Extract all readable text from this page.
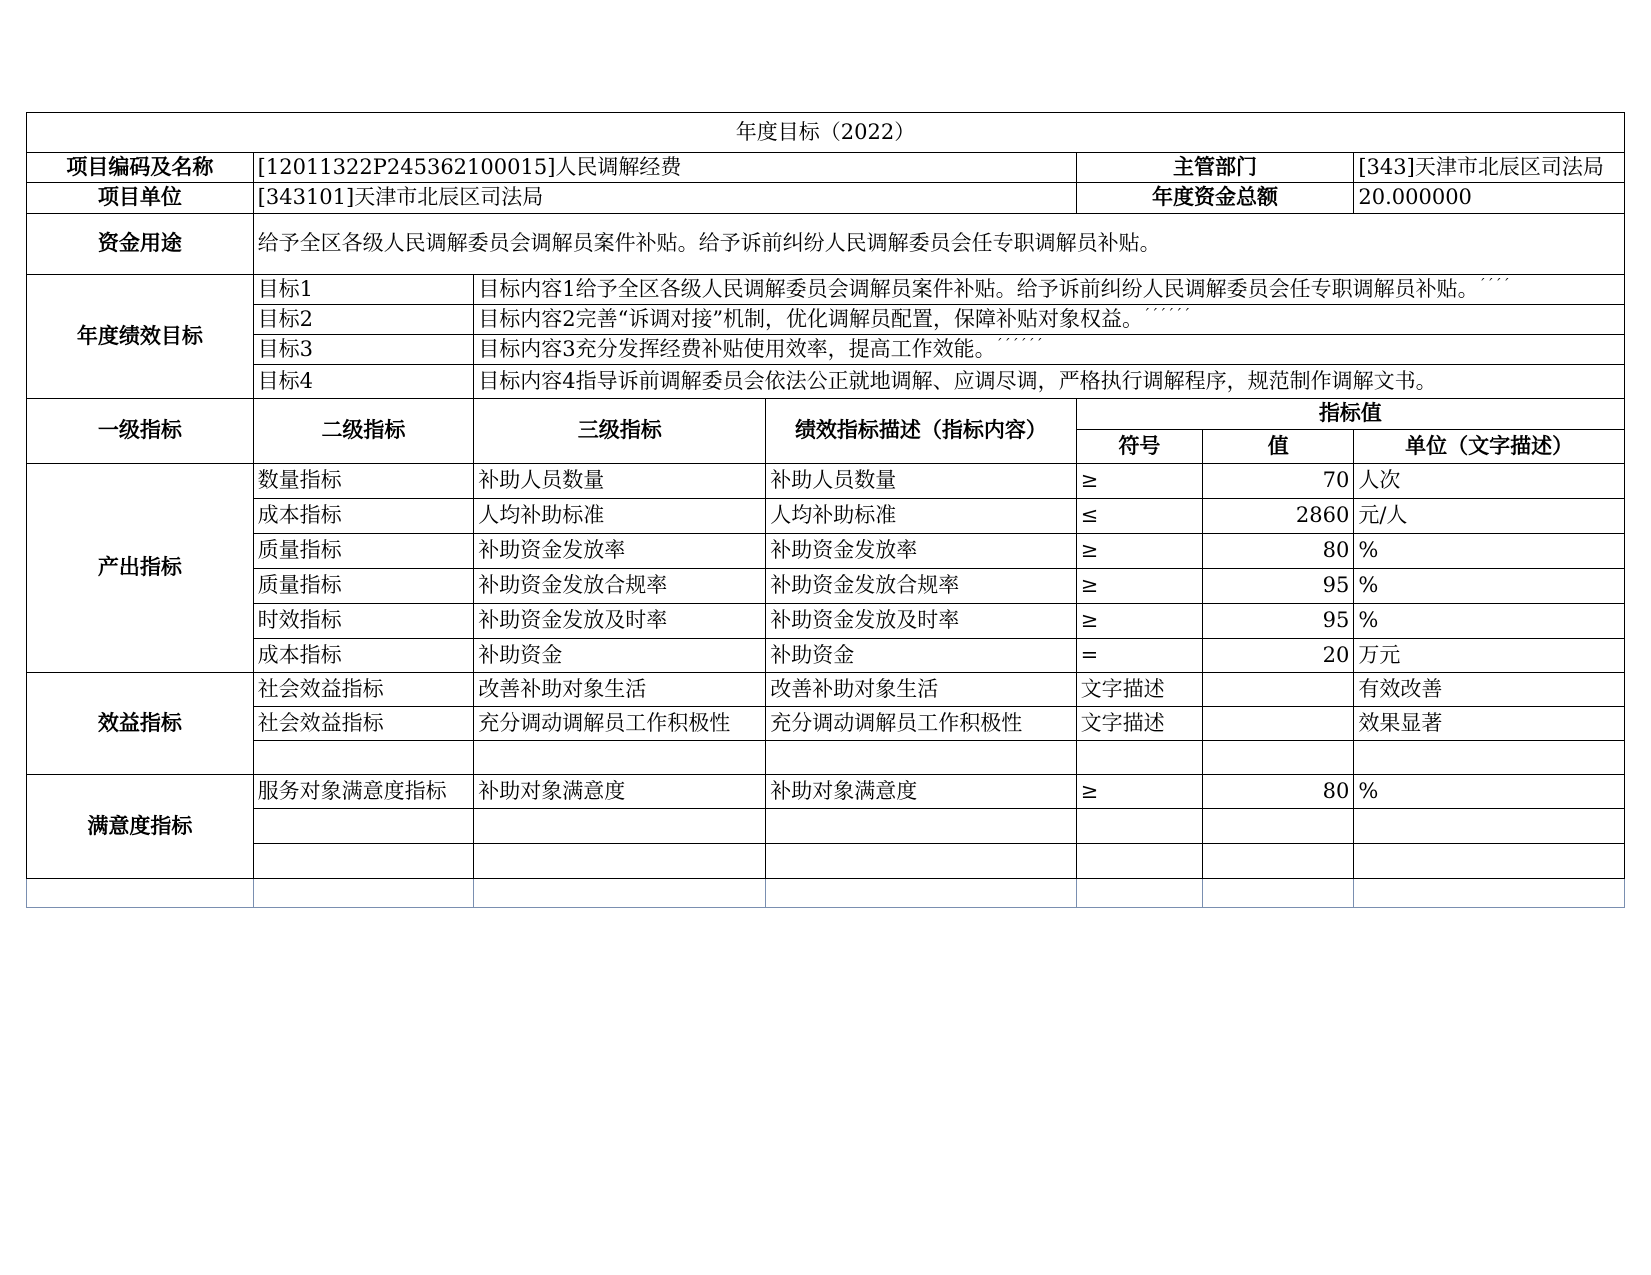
年度目标（2022）						
项目编码及名称	[12011322P245362100015]人民调解经费			主管部门		[343]天津市北辰区司法局
项目单位	[343101]天津市北辰区司法局			年度资金总额		20.000000
资金用途	给予全区各级人民调解委员会调解员案件补贴。给予诉前纠纷人民调解委员会任专职调解员补贴。					
年度绩效目标	目标1	目标内容1给予全区各级人民调解委员会调解员案件补贴。给予诉前纠纷人民调解委员会任专职调解员补贴。´´´´
	目标2	目标内容2完善“诉调对接”机制，优化调解员配置，保障补贴对象权益。´´´´´´
	目标3	目标内容3充分发挥经费补贴使用效率，提高工作效能。´´´´´´
	目标4	目标内容4指导诉前调解委员会依法公正就地调解、应调尽调，严格执行调解程序，规范制作调解文书。				
一级指标	二级指标	三级指标	绩效指标描述（指标内容）	指标值		
				符号	值	单位（文字描述）
产出指标	数量指标	补助人员数量	补助人员数量	≥	70	人次
	成本指标	人均补助标准	人均补助标准	≤	2860	元/人
	质量指标	补助资金发放率	补助资金发放率	≥	80	%
	质量指标	补助资金发放合规率	补助资金发放合规率	≥	95	%
	时效指标	补助资金发放及时率	补助资金发放及时率	≥	95	%
	成本指标	补助资金	补助资金	=	20	万元
效益指标	社会效益指标	改善补助对象生活	改善补助对象生活	文字描述		有效改善
	社会效益指标	充分调动调解员工作积极性	充分调动调解员工作积极性	文字描述		效果显著

满意度指标	服务对象满意度指标	补助对象满意度	补助对象满意度	≥	80	%
